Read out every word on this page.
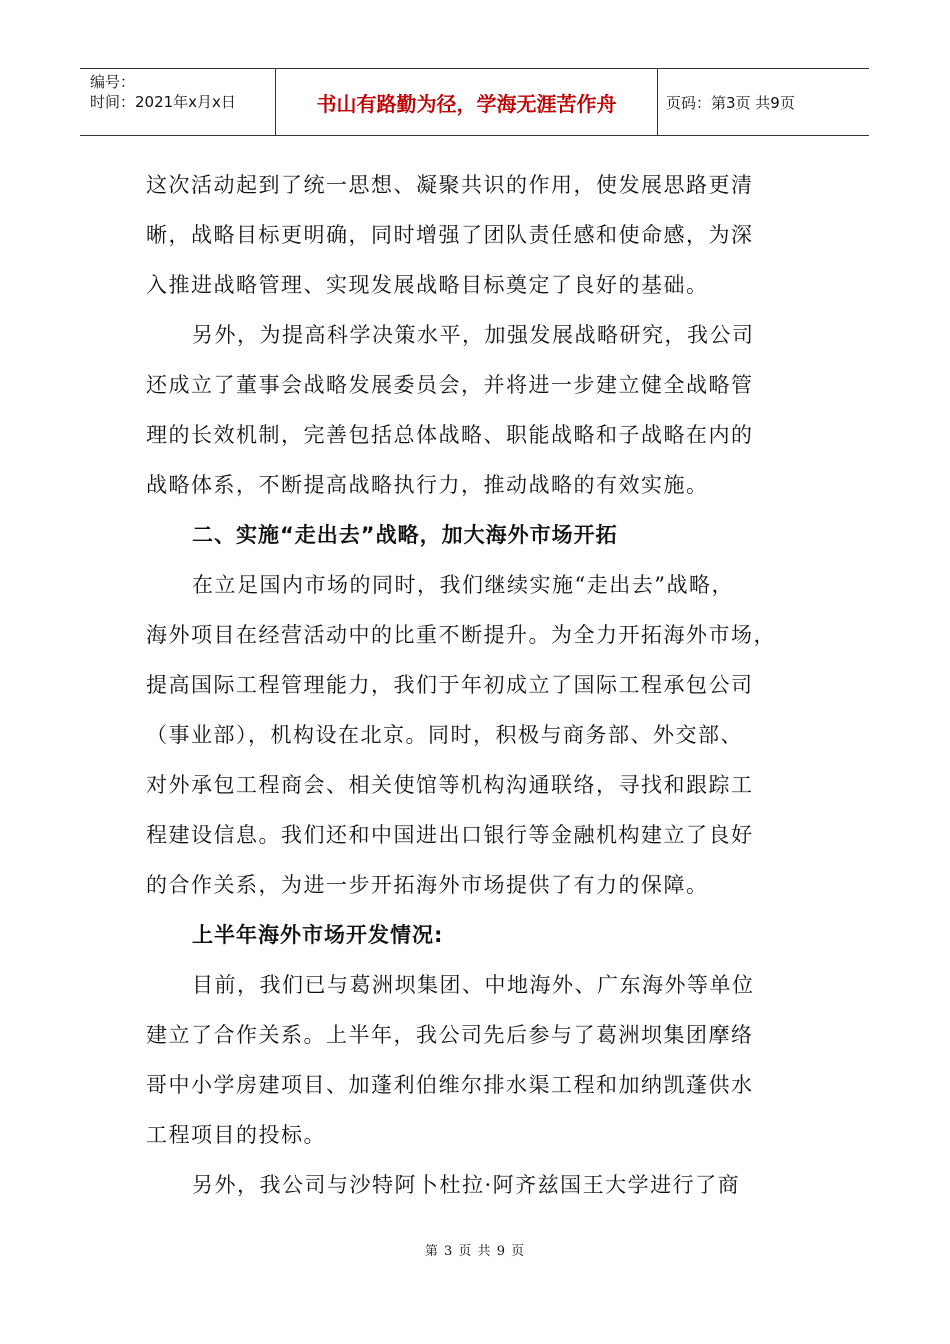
编号：
时间：2021年x月x日	书山有路勤为径，学海无涯苦作舟	页码：第3页 共9页
这次活动起到了统一思想、凝聚共识的作用，使发展思路更清
晰，战略目标更明确，同时增强了团队责任感和使命感，为深
入推进战略管理、实现发展战略目标奠定了良好的基础。
另外，为提高科学决策水平，加强发展战略研究，我公司
还成立了董事会战略发展委员会，并将进一步建立健全战略管
理的长效机制，完善包括总体战略、职能战略和子战略在内的
战略体系，不断提高战略执行力，推动战略的有效实施。
二、实施“走出去”战略，加大海外市场开拓
在立足国内市场的同时，我们继续实施“走出去”战略，
海外项目在经营活动中的比重不断提升。为全力开拓海外市场，
提高国际工程管理能力，我们于年初成立了国际工程承包公司
（事业部），机构设在北京。同时，积极与商务部、外交部、
对外承包工程商会、相关使馆等机构沟通联络，寻找和跟踪工
程建设信息。我们还和中国进出口银行等金融机构建立了良好
的合作关系，为进一步开拓海外市场提供了有力的保障。
上半年海外市场开发情况:
目前，我们已与葛洲坝集团、中地海外、广东海外等单位
建立了合作关系。上半年，我公司先后参与了葛洲坝集团摩络
哥中小学房建项目、加蓬利伯维尔排水渠工程和加纳凯蓬供水
工程项目的投标。
另外，我公司与沙特阿卜杜拉·阿齐兹国王大学进行了商
第 3 页 共 9 页
